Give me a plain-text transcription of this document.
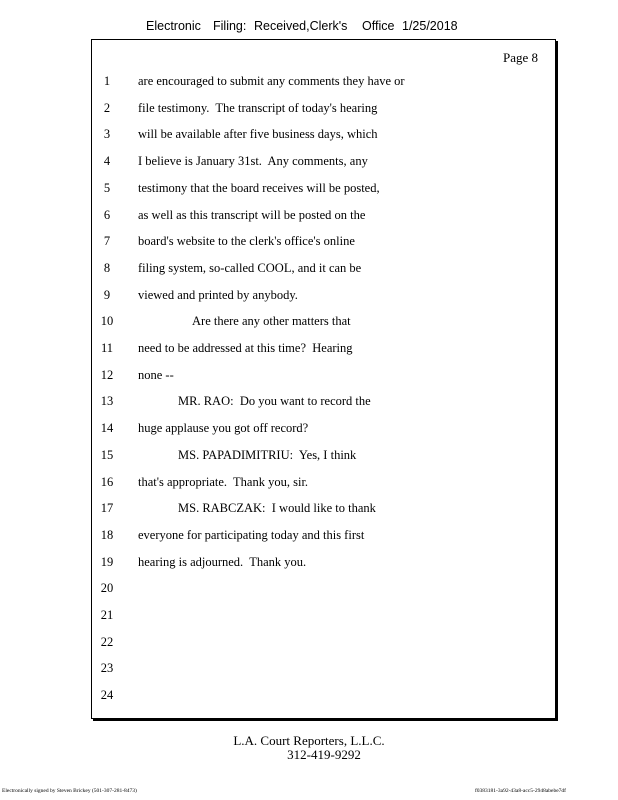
Electronic Filing: Received,Clerk's Office 1/25/2018
Page 8
1	are encouraged to submit any comments they have or
2	file testimony.  The transcript of today's hearing
3	will be available after five business days, which
4	I believe is January 31st.  Any comments, any
5	testimony that the board receives will be posted,
6	as well as this transcript will be posted on the
7	board's website to the clerk's office's online
8	filing system, so-called COOL, and it can be
9	viewed and printed by anybody.
10	Are there any other matters that
11	need to be addressed at this time?  Hearing
12	none --
13	MR. RAO:  Do you want to record the
14	huge applause you got off record?
15	MS. PAPADIMITRIU:  Yes, I think
16	that's appropriate.  Thank you, sir.
17	MS. RABCZAK:  I would like to thank
18	everyone for participating today and this first
19	hearing is adjourned.  Thank you.
20
21
22
23
24
L.A. Court Reporters, L.L.C.
312-419-9292
Electronically signed by Steven Brickey (501-307-281-8473)	f0383181-3a92-43a8-acc5-2948abebe7df
